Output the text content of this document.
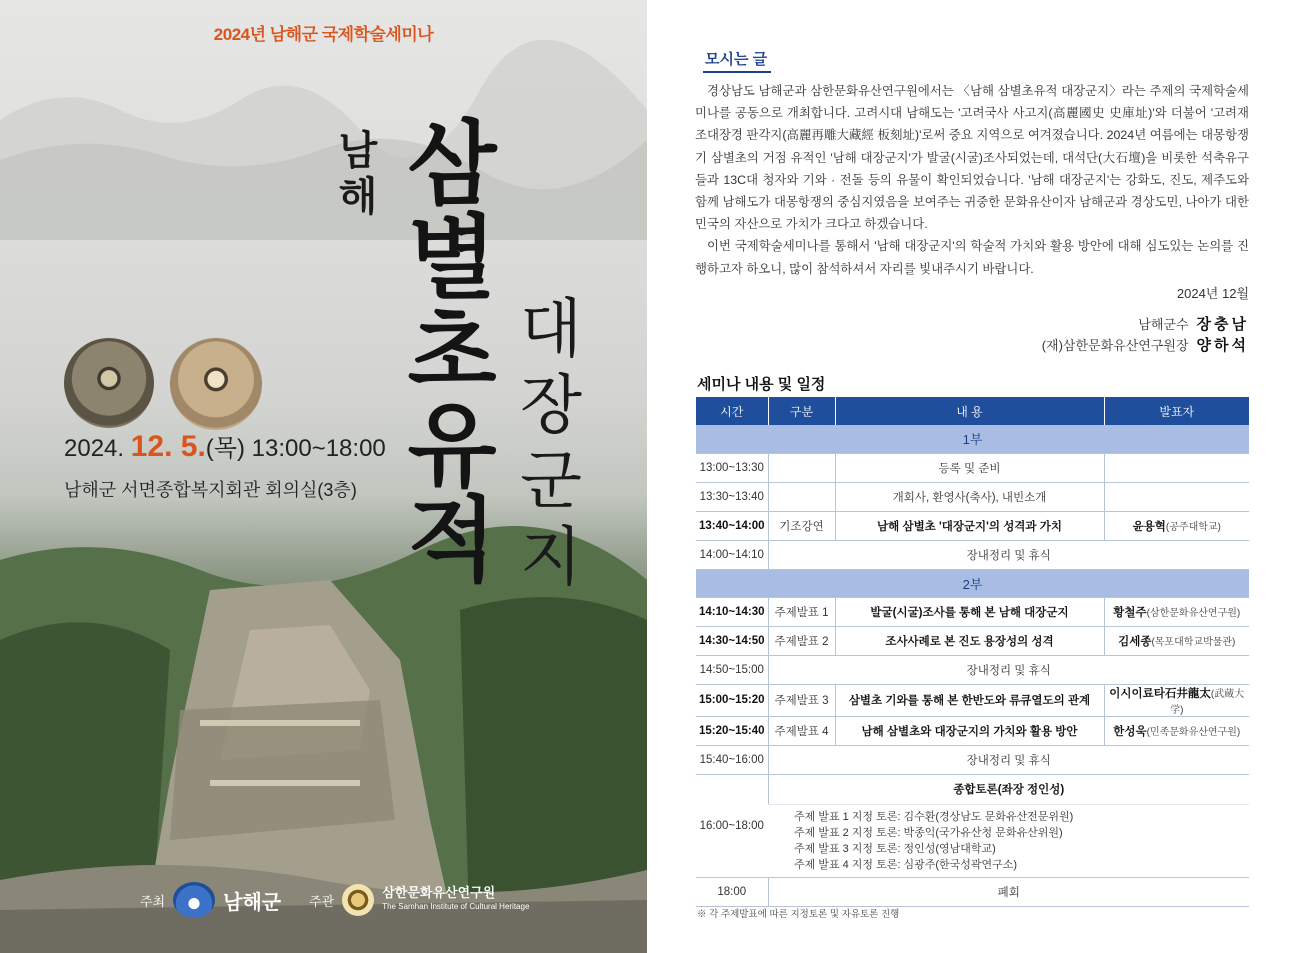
2024년 남해군 국제학술세미나
남
해 삼
별
초
유
적
대
장
군
지
2024. 12. 5.(목) 13:00~18:00
남해군 서면종합복지회관 회의실(3층)
주최	남해군 주관
삼한문화유산연구원
The Samhan Institute of Cultural Heritage
모시는 글

경상남도 남해군과 삼한문화유산연구원에서는 〈남해 삼별초유적 대장군지〉라는 주제의 국제학술세미나를 공동으로 개최합니다. 고려시대 남해도는 '고려국사 사고지(高麗國史 史庫址)'와 더불어 '고려재조대장경 판각지(高麗再雕大藏經 板刻址)'로써 중요 지역으로 여겨졌습니다. 2024년 여름에는 대몽항쟁기 삼별초의 거점 유적인 '남해 대장군지'가 발굴(시굴)조사되었는데, 대석단(大石壇)을 비롯한 석축유구들과 13C대 청자와 기와 · 전돌 등의 유물이 확인되었습니다. '남해 대장군지'는 강화도, 진도, 제주도와 함께 남해도가 대몽항쟁의 중심지였음을 보여주는 귀중한 문화유산이자 남해군과 경상도민, 나아가 대한민국의 자산으로 가치가 크다고 하겠습니다.

이번 국제학술세미나를 통해서 '남해 대장군지'의 학술적 가치와 활용 방안에 대해 심도있는 논의를 진행하고자 하오니, 많이 참석하셔서 자리를 빛내주시기 바랍니다.

2024년 12월
남해군수 장충남
(재)삼한문화유산연구원장 양하석
세미나 내용 및 일정
시간	구분	내 용	발표자
1부			
13:00~13:30		등록 및 준비	
13:30~13:40		개회사, 환영사(축사), 내빈소개	
13:40~14:00	기조강연	남해 삼별초 '대장군지'의 성격과 가치	윤용혁(공주대학교)
14:00~14:10	장내정리 및 휴식		
2부			
14:10~14:30	주제발표 1	발굴(시굴)조사를 통해 본 남해 대장군지	황철주(삼한문화유산연구원)
14:30~14:50	주제발표 2	조사사례로 본 진도 용장성의 성격	김세종(목포대학교박물관)
14:50~15:00	장내정리 및 휴식		
15:00~15:20	주제발표 3	삼별초 기와를 통해 본 한반도와 류큐열도의 관계	이시이료타石井龍太(武蔵大学)
15:20~15:40	주제발표 4	남해 삼별초와 대장군지의 가치와 활용 방안	한성욱(민족문화유산연구원)
15:40~16:00	장내정리 및 휴식		
16:00~18:00	종합토론(좌장 정인성)		

	주제 발표 1 지정 토론: 김수환(경상남도 문화유산전문위원)
주제 발표 2 지정 토론: 박종익(국가유산청 문화유산위원)
주제 발표 3 지정 토론: 정인성(영남대학교)
주제 발표 4 지정 토론: 심광주(한국성곽연구소)		

18:00	폐회		
※ 각 주제발표에 따른 지정토론 및 자유토론 진행
